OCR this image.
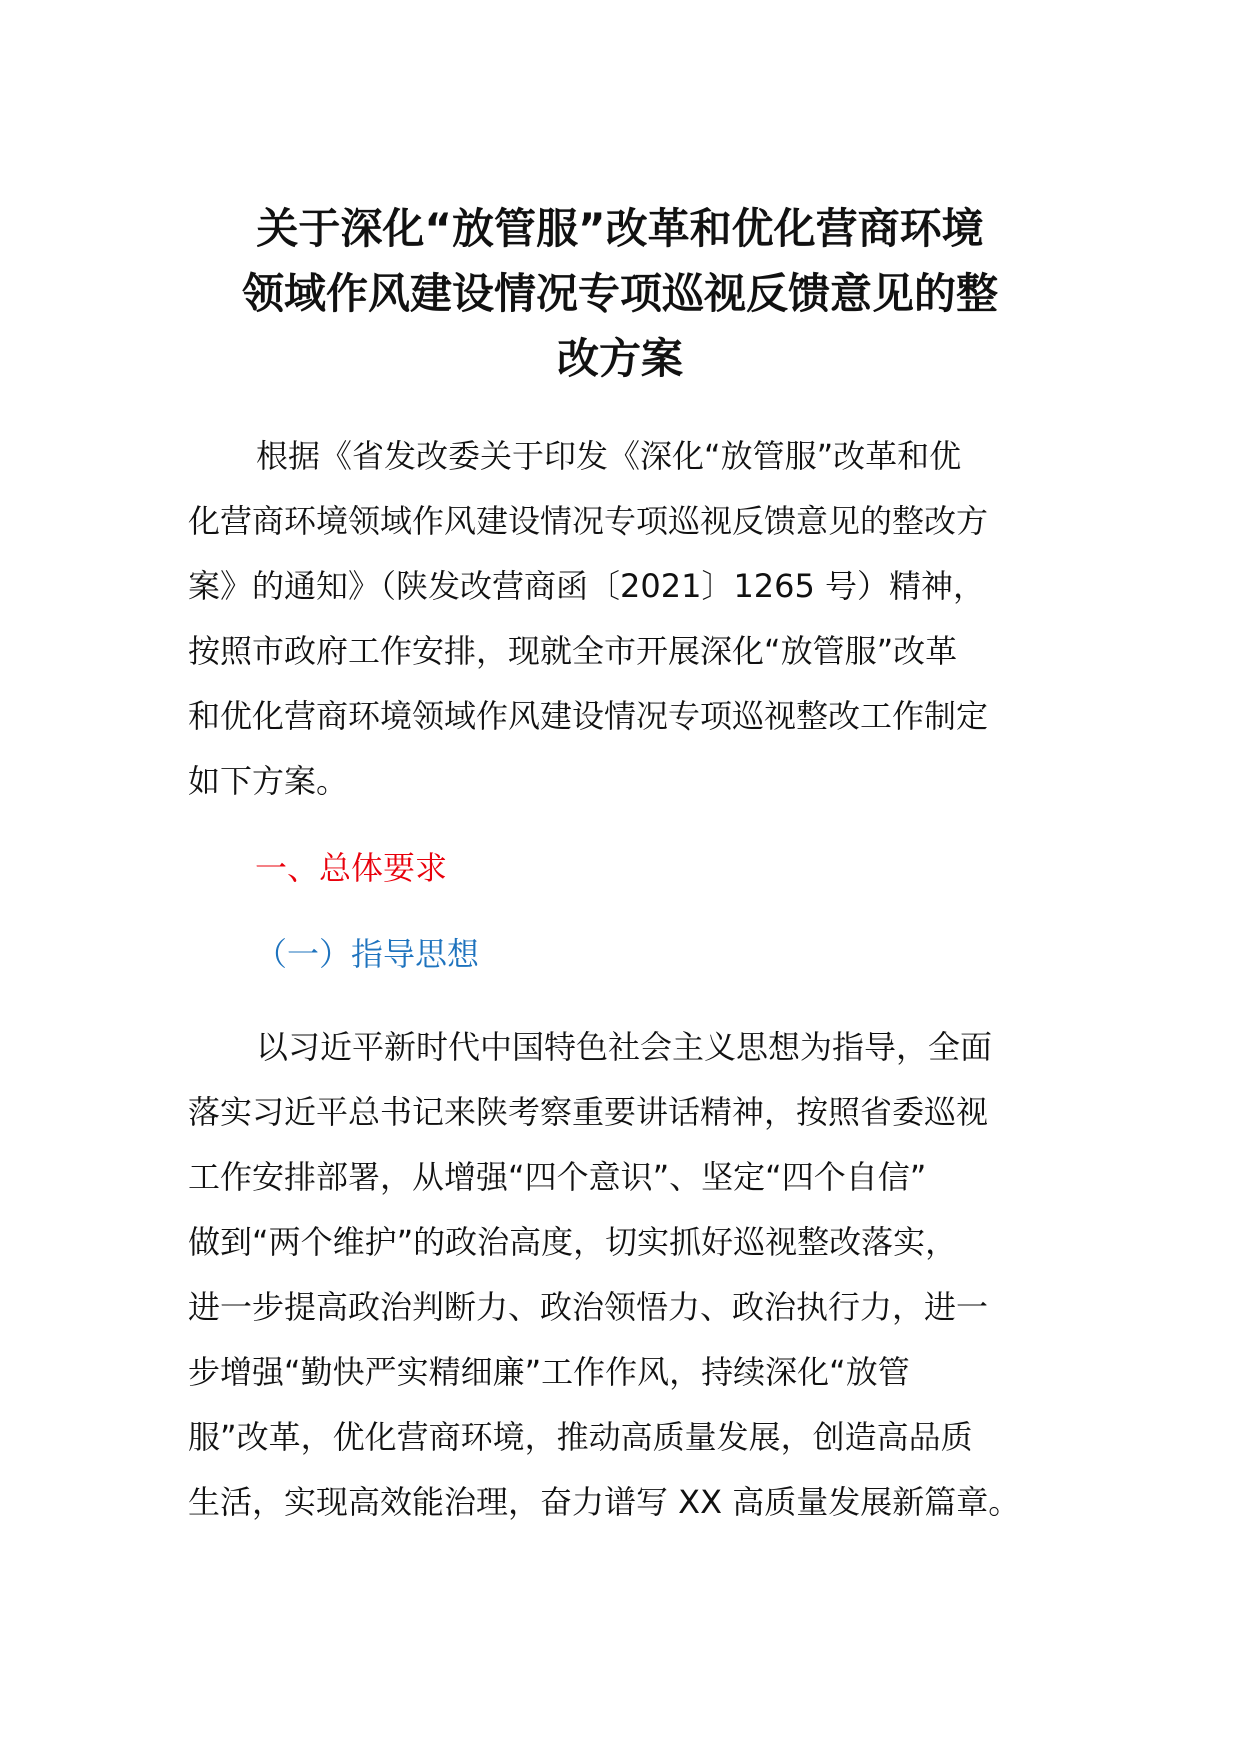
关于深化“放管服”改革和优化营商环境
领域作风建设情况专项巡视反馈意见的整
改方案
根据《省发改委关于印发《深化“放管服”改革和优
化营商环境领域作风建设情况专项巡视反馈意见的整改方
案》的通知》（陕发改营商函〔2021〕1265 号）精神，
按照市政府工作安排，现就全市开展深化“放管服”改革
和优化营商环境领域作风建设情况专项巡视整改工作制定
如下方案。
一、总体要求
（一）指导思想
以习近平新时代中国特色社会主义思想为指导，全面
落实习近平总书记来陕考察重要讲话精神，按照省委巡视
工作安排部署，从增强“四个意识”、坚定“四个自信”
做到“两个维护”的政治高度，切实抓好巡视整改落实，
进一步提高政治判断力、政治领悟力、政治执行力，进一
步增强“勤快严实精细廉”工作作风，持续深化“放管
服”改革，优化营商环境，推动高质量发展，创造高品质
生活，实现高效能治理，奋力谱写 XX 高质量发展新篇章。
